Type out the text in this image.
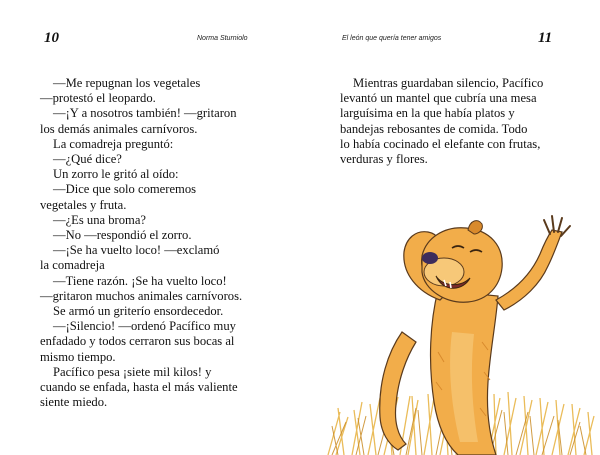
10	Norma Sturniolo
—Me repugnan los vegetales
—protestó el leopardo.
—¡Y a nosotros también! —gritaron
los demás animales carnívoros.
La comadreja preguntó:
—¿Qué dice?
Un zorro le gritó al oído:
—Dice que solo comeremos
vegetales y fruta.
—¿Es una broma?
—No —respondió el zorro.
—¡Se ha vuelto loco! —exclamó
la comadreja
—Tiene razón. ¡Se ha vuelto loco!
—gritaron muchos animales carnívoros.
Se armó un griterío ensordecedor.
—¡Silencio! —ordenó Pacífico muy
enfadado y todos cerraron sus bocas al
mismo tiempo.
Pacífico pesa ¡siete mil kilos! y
cuando se enfada, hasta el más valiente
siente miedo.
El león que quería tener amigos	11
Mientras guardaban silencio, Pacífico
levantó un mantel que cubría una mesa
larguísima en la que había platos y
bandejas rebosantes de comida. Todo
lo había cocinado el elefante con frutas,
verduras y flores.
